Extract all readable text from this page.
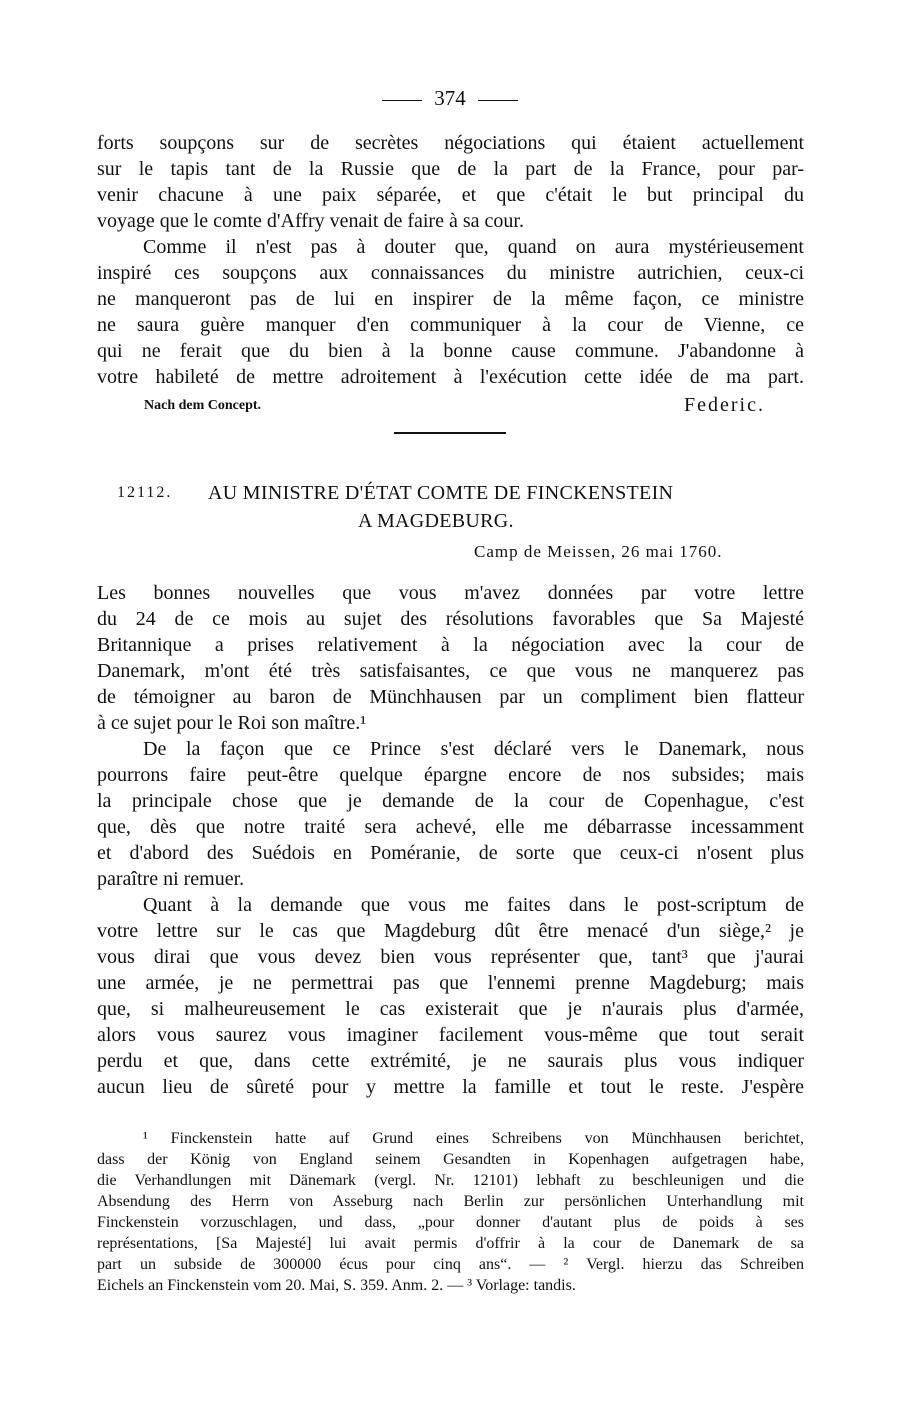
374
forts soupçons sur de secrètes négociations qui étaient actuellement
sur le tapis tant de la Russie que de la part de la France, pour par-
venir chacune à une paix séparée, et que c'était le but principal du
voyage que le comte d'Affry venait de faire à sa cour.
Comme il n'est pas à douter que, quand on aura mystérieusement
inspiré ces soupçons aux connaissances du ministre autrichien, ceux-ci
ne manqueront pas de lui en inspirer de la même façon, ce ministre
ne saura guère manquer d'en communiquer à la cour de Vienne, ce
qui ne ferait que du bien à la bonne cause commune. J'abandonne à
votre habileté de mettre adroitement à l'exécution cette idée de ma part.
Nach dem Concept.	Federic.
12112. AU MINISTRE D'ÉTAT COMTE DE FINCKENSTEIN
A MAGDEBURG.
Camp de Meissen, 26 mai 1760.
Les bonnes nouvelles que vous m'avez données par votre lettre
du 24 de ce mois au sujet des résolutions favorables que Sa Majesté
Britannique a prises relativement à la négociation avec la cour de
Danemark, m'ont été très satisfaisantes, ce que vous ne manquerez pas
de témoigner au baron de Münchhausen par un compliment bien flatteur
à ce sujet pour le Roi son maître.¹
De la façon que ce Prince s'est déclaré vers le Danemark, nous
pourrons faire peut-être quelque épargne encore de nos subsides; mais
la principale chose que je demande de la cour de Copenhague, c'est
que, dès que notre traité sera achevé, elle me débarrasse incessamment
et d'abord des Suédois en Poméranie, de sorte que ceux-ci n'osent plus
paraître ni remuer.
Quant à la demande que vous me faites dans le post-scriptum de
votre lettre sur le cas que Magdeburg dût être menacé d'un siège,² je
vous dirai que vous devez bien vous représenter que, tant³ que j'aurai
une armée, je ne permettrai pas que l'ennemi prenne Magdeburg; mais
que, si malheureusement le cas existerait que je n'aurais plus d'armée,
alors vous saurez vous imaginer facilement vous-même que tout serait
perdu et que, dans cette extrémité, je ne saurais plus vous indiquer
aucun lieu de sûreté pour y mettre la famille et tout le reste. J'espère
¹ Finckenstein hatte auf Grund eines Schreibens von Münchhausen berichtet,
dass der König von England seinem Gesandten in Kopenhagen aufgetragen habe,
die Verhandlungen mit Dänemark (vergl. Nr. 12101) lebhaft zu beschleunigen und die
Absendung des Herrn von Asseburg nach Berlin zur persönlichen Unterhandlung mit
Finckenstein vorzuschlagen, und dass, „pour donner d'autant plus de poids à ses
représentations, [Sa Majesté] lui avait permis d'offrir à la cour de Danemark de sa
part un subside de 300000 écus pour cinq ans“. — ² Vergl. hierzu das Schreiben
Eichels an Finckenstein vom 20. Mai, S. 359. Anm. 2. — ³ Vorlage: tandis.
